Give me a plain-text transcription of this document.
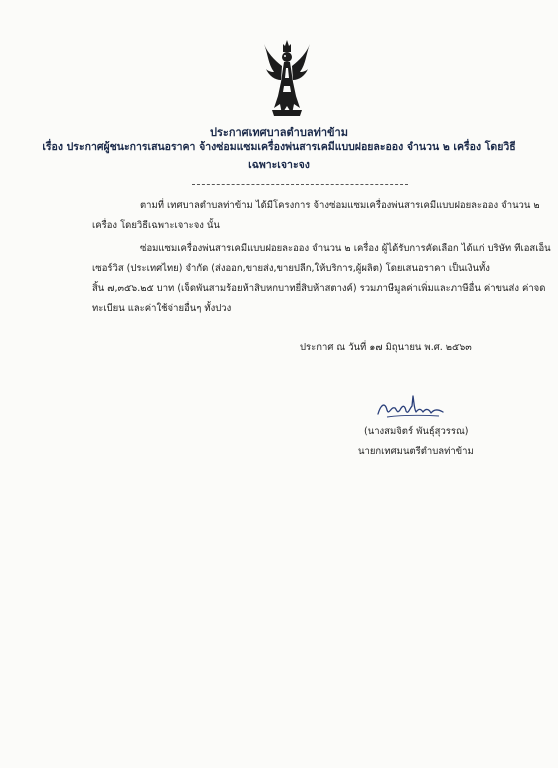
ประกาศเทศบาลตำบลท่าข้าม
เรื่อง ประกาศผู้ชนะการเสนอราคา จ้างซ่อมแซมเครื่องพ่นสารเคมีแบบฝอยละออง จำนวน ๒ เครื่อง โดยวิธี
เฉพาะเจาะจง
ตามที่ เทศบาลตำบลท่าข้าม ได้มีโครงการ จ้างซ่อมแซมเครื่องพ่นสารเคมีแบบฝอยละออง จำนวน ๒
เครื่อง โดยวิธีเฉพาะเจาะจง นั้น
ซ่อมแซมเครื่องพ่นสารเคมีแบบฝอยละออง จำนวน ๒ เครื่อง ผู้ได้รับการคัดเลือก ได้แก่ บริษัท ทีเอสเอ็น
เซอร์วิส (ประเทศไทย) จำกัด (ส่งออก,ขายส่ง,ขายปลีก,ให้บริการ,ผู้ผลิต) โดยเสนอราคา เป็นเงินทั้ง
สิ้น ๗,๓๕๖.๒๕ บาท (เจ็ดพันสามร้อยห้าสิบหกบาทยี่สิบห้าสตางค์) รวมภาษีมูลค่าเพิ่มและภาษีอื่น ค่าขนส่ง ค่าจด
ทะเบียน และค่าใช้จ่ายอื่นๆ ทั้งปวง
ประกาศ ณ วันที่ ๑๗ มิถุนายน พ.ศ. ๒๕๖๓
(นางสมจิตร์ พันธุ์สุวรรณ)
นายกเทศมนตรีตำบลท่าข้าม
